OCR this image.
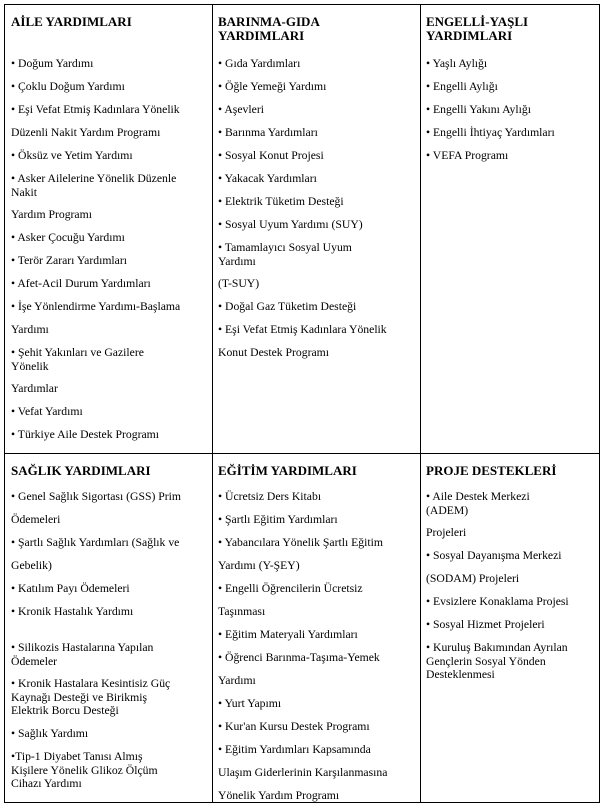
AİLE YARDIMLARI
• Doğum Yardımı
• Çoklu Doğum Yardımı
• Eşi Vefat Etmiş Kadınlara Yönelik
Düzenli Nakit Yardım Programı
• Öksüz ve Yetim Yardımı
• Asker Ailelerine Yönelik Düzenle
Nakit
Yardım Programı
• Asker Çocuğu Yardımı
• Terör Zararı Yardımları
• Afet-Acil Durum Yardımları
• İşe Yönlendirme Yardımı-Başlama
Yardımı
• Şehit Yakınları ve Gazilere
Yönelik
Yardımlar
• Vefat Yardımı
• Türkiye Aile Destek Programı
BARINMA-GIDA
YARDIMLARI
• Gıda Yardımları
• Öğle Yemeği Yardımı
• Aşevleri
• Barınma Yardımları
• Sosyal Konut Projesi
• Yakacak Yardımları
• Elektrik Tüketim Desteği
• Sosyal Uyum Yardımı (SUY)
• Tamamlayıcı Sosyal Uyum
Yardımı
(T-SUY)
• Doğal Gaz Tüketim Desteği
• Eşi Vefat Etmiş Kadınlara Yönelik
Konut Destek Programı
ENGELLİ-YAŞLI
YARDIMLARI
• Yaşlı Aylığı
• Engelli Aylığı
• Engelli Yakını Aylığı
• Engelli İhtiyaç Yardımları
• VEFA Programı
SAĞLIK YARDIMLARI
• Genel Sağlık Sigortası (GSS) Prim
Ödemeleri
• Şartlı Sağlık Yardımları (Sağlık ve
Gebelik)
• Katılım Payı Ödemeleri
• Kronik Hastalık Yardımı
• Silikozis Hastalarına Yapılan
Ödemeler
• Kronik Hastalara Kesintisiz Güç
Kaynağı Desteği ve Birikmiş
Elektrik Borcu Desteği
• Sağlık Yardımı
•Tip-1 Diyabet Tanısı Almış
Kişilere Yönelik Glikoz Ölçüm
Cihazı Yardımı
EĞİTİM YARDIMLARI
• Ücretsiz Ders Kitabı
• Şartlı Eğitim Yardımları
• Yabancılara Yönelik Şartlı Eğitim
Yardımı (Y-ŞEY)
• Engelli Öğrencilerin Ücretsiz
Taşınması
• Eğitim Materyali Yardımları
• Öğrenci Barınma-Taşıma-Yemek
Yardımı
• Yurt Yapımı
• Kur'an Kursu Destek Programı
• Eğitim Yardımları Kapsamında
Ulaşım Giderlerinin Karşılanmasına
Yönelik Yardım Programı
PROJE DESTEKLERİ
• Aile Destek Merkezi
(ADEM)
Projeleri
• Sosyal Dayanışma Merkezi
(SODAM) Projeleri
• Evsizlere Konaklama Projesi
• Sosyal Hizmet Projeleri
• Kuruluş Bakımından Ayrılan
Gençlerin Sosyal Yönden
Desteklenmesi
